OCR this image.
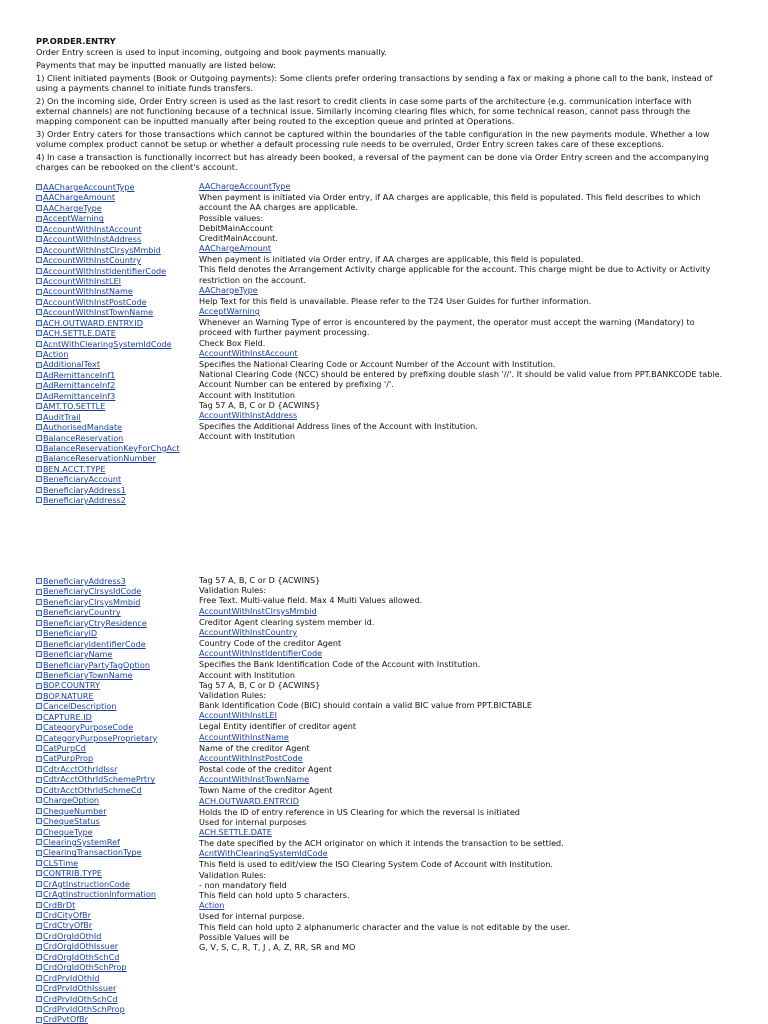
PP.ORDER.ENTRY

Order Entry screen is used to input incoming, outgoing and book payments manually.

Payments that may be inputted manually are listed below:

1) Client initiated payments (Book or Outgoing payments): Some clients prefer ordering transactions by sending a fax or making a phone call to the bank, instead of using a payments channel to initiate funds transfers.

2) On the incoming side, Order Entry screen is used as the last resort to credit clients in case some parts of the architecture (e.g. communication interface with external channels) are not functioning because of a technical issue. Similarly incoming clearing files which, for some technical reason, cannot pass through the mapping component can be inputted manually after being routed to the exception queue and printed at Operations.

3) Order Entry caters for those transactions which cannot be captured within the boundaries of the table configuration in the new payments module. Whether a low volume complex product cannot be setup or whether a default processing rule needs to be overruled, Order Entry screen takes care of these exceptions.

4) In case a transaction is functionally incorrect but has already been booked, a reversal of the payment can be done via Order Entry screen and the accompanying charges can be rebooked on the client's account.

AAChargeAccountType
AAChargeAmount
AAChargeType
AcceptWarning
AccountWithInstAccount
AccountWithInstAddress
AccountWithInstClrsysMmbid
AccountWithInstCountry
AccountWithInstIdentifierCode
AccountWithInstLEI
AccountWithInstName
AccountWithInstPostCode
AccountWithInstTownName
ACH.OUTWARD.ENTRY.ID
ACH.SETTLE.DATE
AcntWithClearingSystemIdCode
Action
AdditionalText
AdRemittanceInf1
AdRemittanceInf2
AdRemittanceInf3
AMT.TO.SETTLE
AuditTrail
AuthorisedMandate
BalanceReservation
BalanceReservationKeyForChgAct
BalanceReservationNumber
BEN.ACCT.TYPE
BeneficiaryAccount
BeneficiaryAddress1
BeneficiaryAddress2
AAChargeAccountType
When payment is initiated via Order entry, if AA charges are applicable, this field is populated. This field describes to which account the AA charges are applicable.
Possible values:
DebitMainAccount
CreditMainAccount.
AAChargeAmount
When payment is initiated via Order entry, if AA charges are applicable, this field is populated.
This field denotes the Arrangement Activity charge applicable for the account. This charge might be due to Activity or Activity restriction on the account.
AAChargeType
Help Text for this field is unavailable. Please refer to the T24 User Guides for further information.
AcceptWarning
Whenever an Warning Type of error is encountered by the payment, the operator must accept the warning (Mandatory) to proceed with further payment processing.
Check Box Field.
AccountWithInstAccount
Specifies the National Clearing Code or Account Number of the Account with Institution.
National Clearing Code (NCC) should be entered by prefixing double slash '//'. It should be valid value from PPT.BANKCODE table.
Account Number can be entered by prefixing '/'.
Account with Institution
Tag 57 A, B, C or D {ACWINS}
AccountWithInstAddress
Specifies the Additional Address lines of the Account with Institution.
Account with Institution
BeneficiaryAddress3
BeneficiaryClrsysIdCode
BeneficiaryClrsysMmbid
BeneficiaryCountry
BeneficiaryCtryResidence
BeneficiaryID
BeneficiaryIdentifierCode
BeneficiaryName
BeneficiaryPartyTagOption
BeneficiaryTownName
BOP.COUNTRY
BOP.NATURE
CancelDescription
CAPTURE.ID
CategoryPurposeCode
CategoryPurposeProprietary
CatPurpCd
CatPurpProp
CdtrAcctOthrIdIssr
CdtrAcctOthrIdSchemePrtry
CdtrAcctOthrIdSchmeCd
ChargeOption
ChequeNumber
ChequeStatus
ChequeType
ClearingSystemRef
ClearingTransactionType
CLSTime
CONTRIB.TYPE
CrAgtInstructionCode
CrAgtInstructionInformation
CrdBrDt
CrdCityOfBr
CrdCtryOfBr
CrdOrgIdOthId
CrdOrgIdOthIssuer
CrdOrgIdOthSchCd
CrdOrgIdOthSchProp
CrdPrvIdOthId
CrdPrvIdOthIssuer
CrdPrvIdOthSchCd
CrdPrvIdOthSchProp
CrdPvtOfBr
Tag 57 A, B, C or D {ACWINS}
Validation Rules:
Free Text. Multi-value field. Max 4 Multi Values allowed.
AccountWithInstClrsysMmbid
Creditor Agent clearing system member id.
AccountWithInstCountry
Country Code of the creditor Agent
AccountWithInstIdentifierCode
Specifies the Bank Identification Code of the Account with Institution.
Account with Institution
Tag 57 A, B, C or D {ACWINS}
Validation Rules:
Bank Identification Code (BIC) should contain a valid BIC value from PPT.BICTABLE
AccountWithInstLEI
Legal Entity identifier of creditor agent
AccountWithInstName
Name of the creditor Agent
AccountWithInstPostCode
Postal code of the creditor Agent
AccountWithInstTownName
Town Name of the creditor Agent
ACH.OUTWARD.ENTRY.ID
Holds the ID of entry reference in US Clearing for which the reversal is initiated
Used for internal purposes
ACH.SETTLE.DATE
The date specified by the ACH originator on which it intends the transaction to be settled.
AcntWithClearingSystemIdCode
This field is used to edit/view the ISO Clearing System Code of Account with Institution.
Validation Rules:
- non mandatory field
This field can hold upto 5 characters.
Action
Used for internal purpose.
This field can hold upto 2 alphanumeric character and the value is not editable by the user.
Possible Values will be
G, V, S, C, R, T, J , A, Z, RR, SR and MO
